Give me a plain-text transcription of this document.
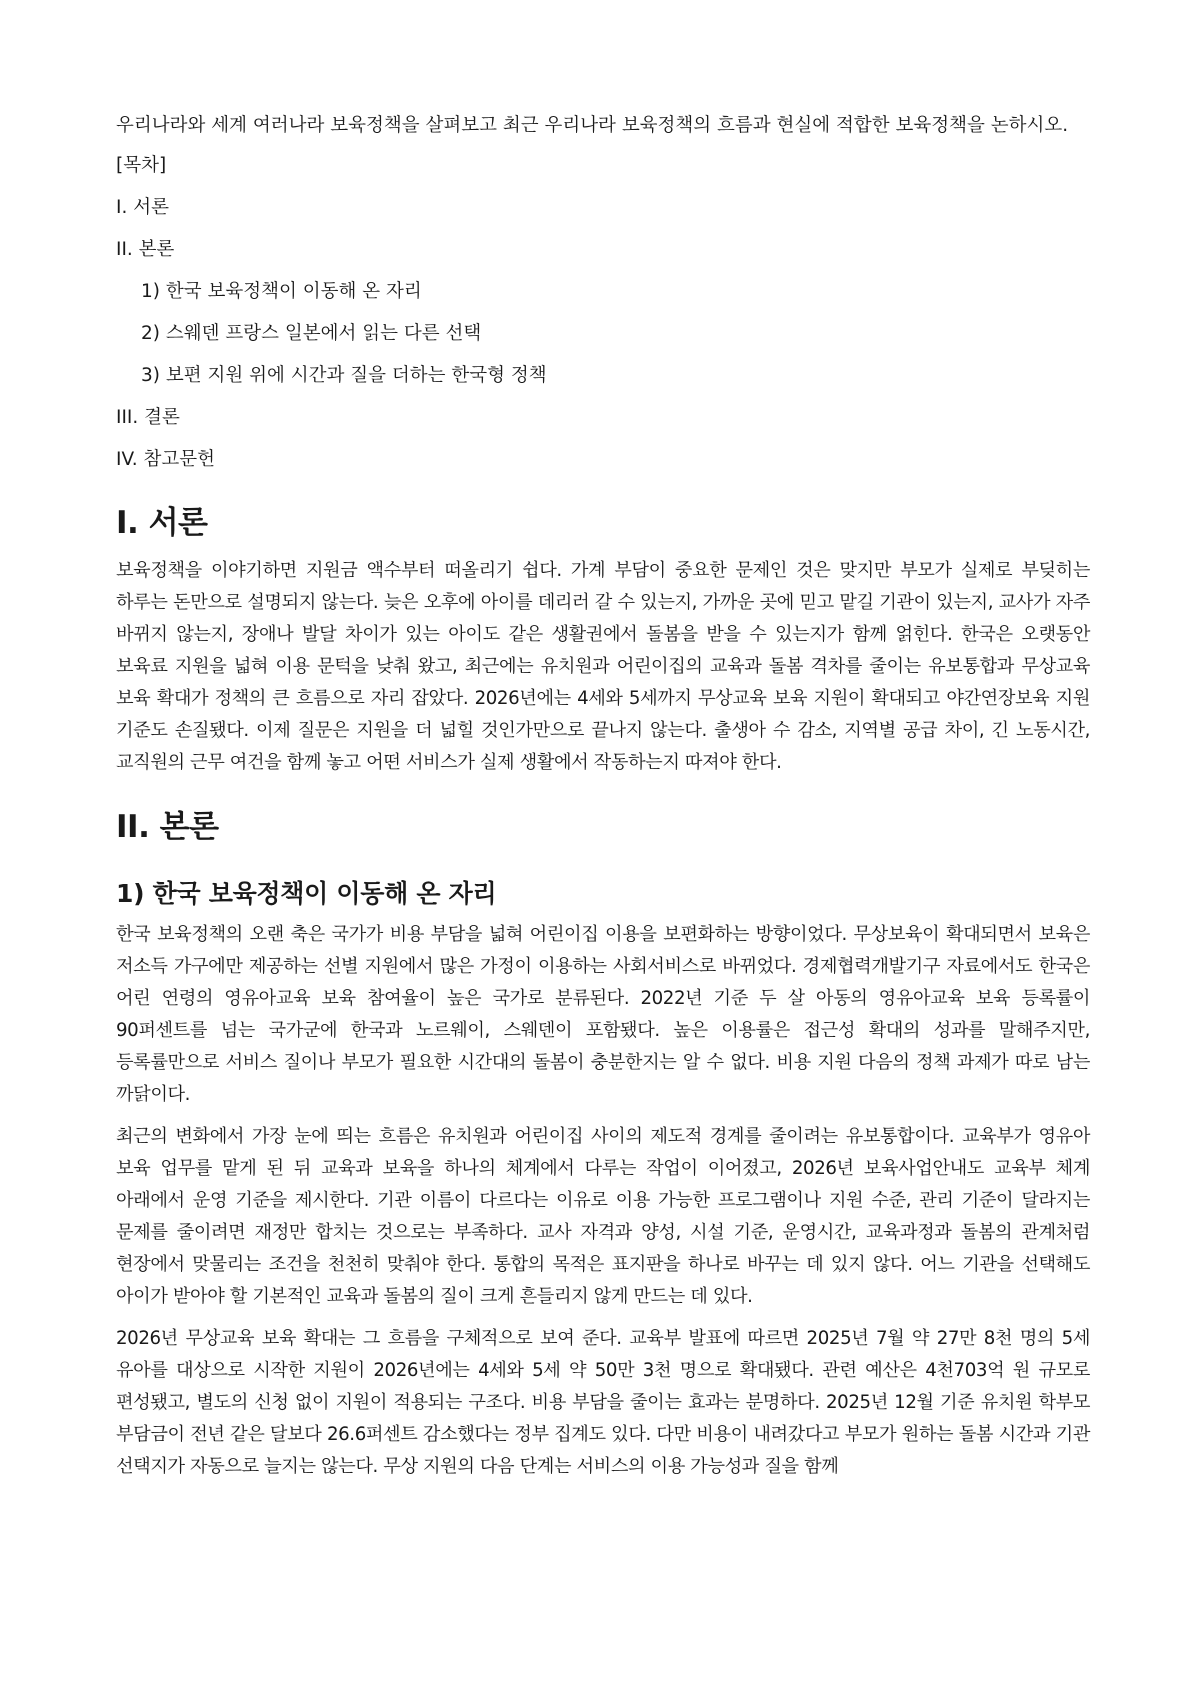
우리나라와 세계 여러나라 보육정책을 살펴보고 최근 우리나라 보육정책의 흐름과 현실에 적합한 보육정책을 논하시오.

[목차]
I. 서론
II. 본론
1) 한국 보육정책이 이동해 온 자리
2) 스웨덴 프랑스 일본에서 읽는 다른 선택
3) 보편 지원 위에 시간과 질을 더하는 한국형 정책
III. 결론
IV. 참고문헌
I. 서론

보육정책을 이야기하면 지원금 액수부터 떠올리기 쉽다. 가계 부담이 중요한 문제인 것은 맞지만 부모가 실제로 부딪히는 하루는 돈만으로 설명되지 않는다. 늦은 오후에 아이를 데리러 갈 수 있는지, 가까운 곳에 믿고 맡길 기관이 있는지, 교사가 자주 바뀌지 않는지, 장애나 발달 차이가 있는 아이도 같은 생활권에서 돌봄을 받을 수 있는지가 함께 얽힌다. 한국은 오랫동안 보육료 지원을 넓혀 이용 문턱을 낮춰 왔고, 최근에는 유치원과 어린이집의 교육과 돌봄 격차를 줄이는 유보통합과 무상교육 보육 확대가 정책의 큰 흐름으로 자리 잡았다. 2026년에는 4세와 5세까지 무상교육 보육 지원이 확대되고 야간연장보육 지원 기준도 손질됐다. 이제 질문은 지원을 더 넓힐 것인가만으로 끝나지 않는다. 출생아 수 감소, 지역별 공급 차이, 긴 노동시간, 교직원의 근무 여건을 함께 놓고 어떤 서비스가 실제 생활에서 작동하는지 따져야 한다.

II. 본론
1) 한국 보육정책이 이동해 온 자리

한국 보육정책의 오랜 축은 국가가 비용 부담을 넓혀 어린이집 이용을 보편화하는 방향이었다. 무상보육이 확대되면서 보육은 저소득 가구에만 제공하는 선별 지원에서 많은 가정이 이용하는 사회서비스로 바뀌었다. 경제협력개발기구 자료에서도 한국은 어린 연령의 영유아교육 보육 참여율이 높은 국가로 분류된다. 2022년 기준 두 살 아동의 영유아교육 보육 등록률이 90퍼센트를 넘는 국가군에 한국과 노르웨이, 스웨덴이 포함됐다. 높은 이용률은 접근성 확대의 성과를 말해주지만, 등록률만으로 서비스 질이나 부모가 필요한 시간대의 돌봄이 충분한지는 알 수 없다. 비용 지원 다음의 정책 과제가 따로 남는 까닭이다.

최근의 변화에서 가장 눈에 띄는 흐름은 유치원과 어린이집 사이의 제도적 경계를 줄이려는 유보통합이다. 교육부가 영유아 보육 업무를 맡게 된 뒤 교육과 보육을 하나의 체계에서 다루는 작업이 이어졌고, 2026년 보육사업안내도 교육부 체계 아래에서 운영 기준을 제시한다. 기관 이름이 다르다는 이유로 이용 가능한 프로그램이나 지원 수준, 관리 기준이 달라지는 문제를 줄이려면 재정만 합치는 것으로는 부족하다. 교사 자격과 양성, 시설 기준, 운영시간, 교육과정과 돌봄의 관계처럼 현장에서 맞물리는 조건을 천천히 맞춰야 한다. 통합의 목적은 표지판을 하나로 바꾸는 데 있지 않다. 어느 기관을 선택해도 아이가 받아야 할 기본적인 교육과 돌봄의 질이 크게 흔들리지 않게 만드는 데 있다.

2026년 무상교육 보육 확대는 그 흐름을 구체적으로 보여 준다. 교육부 발표에 따르면 2025년 7월 약 27만 8천 명의 5세 유아를 대상으로 시작한 지원이 2026년에는 4세와 5세 약 50만 3천 명으로 확대됐다. 관련 예산은 4천703억 원 규모로 편성됐고, 별도의 신청 없이 지원이 적용되는 구조다. 비용 부담을 줄이는 효과는 분명하다. 2025년 12월 기준 유치원 학부모 부담금이 전년 같은 달보다 26.6퍼센트 감소했다는 정부 집계도 있다. 다만 비용이 내려갔다고 부모가 원하는 돌봄 시간과 기관 선택지가 자동으로 늘지는 않는다. 무상 지원의 다음 단계는 서비스의 이용 가능성과 질을 함께
